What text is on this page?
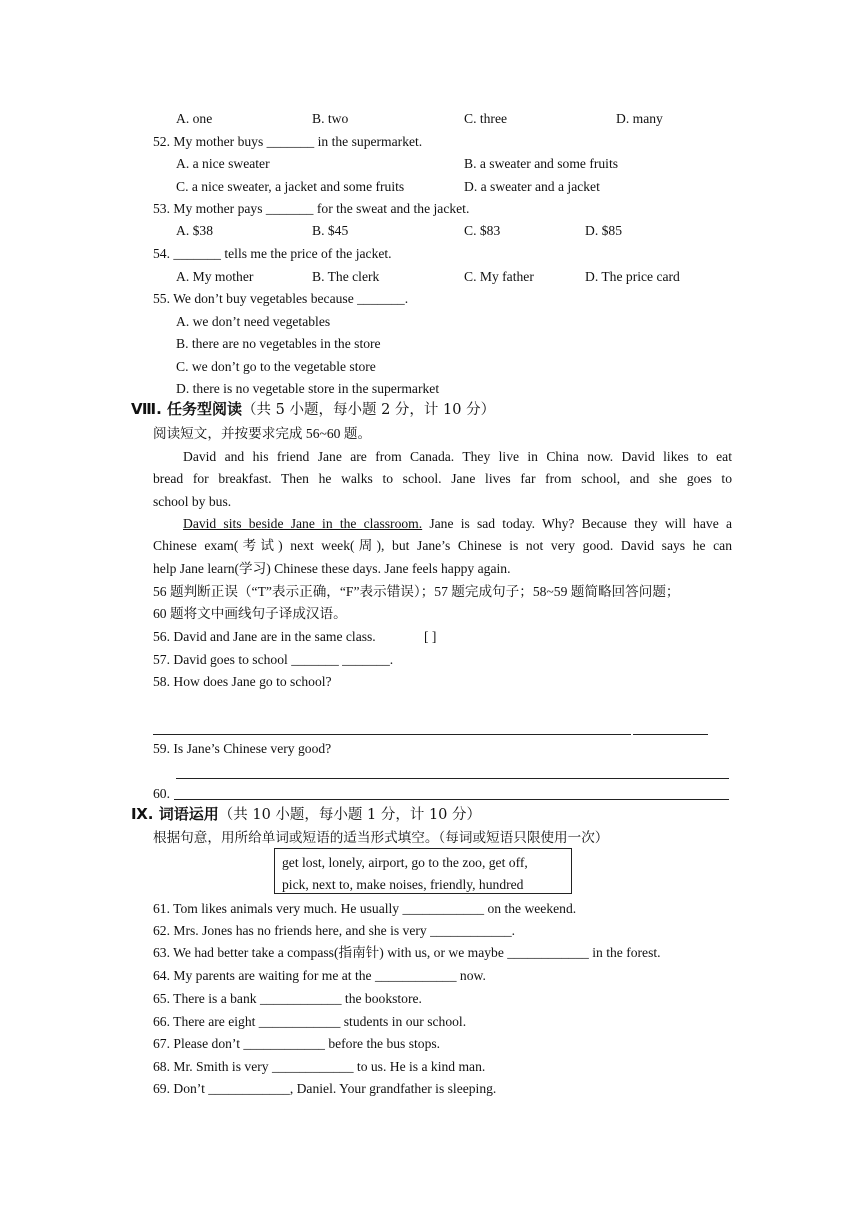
A. one	B. two	C. three	D. many
52. My mother buys _______ in the supermarket.
A. a nice sweater	B. a sweater and some fruits
C. a nice sweater, a jacket and some fruits	D. a sweater and a jacket
53. My mother pays _______ for the sweat and the jacket.
A. $38	B. $45	C. $83	D. $85
54. _______ tells me the price of the jacket.
A. My mother	B. The clerk	C. My father	D. The price card
55. We don’t buy vegetables because _______.
A. we don’t need vegetables
B. there are no vegetables in the store
C. we don’t go to the vegetable store
D. there is no vegetable store in the supermarket
Ⅷ. 任务型阅读（共 5 小题，每小题 2 分，计 10 分）
阅读短文，并按要求完成 56~60 题。
David and his friend Jane are from Canada. They live in China now. David likes to eat
bread for breakfast. Then he walks to school. Jane lives far from school, and she goes to
school by bus.
David sits beside Jane in the classroom. Jane is sad today. Why? Because they will have a
Chinese exam(考试) next week(周), but Jane’s Chinese is not very good. David says he can
help Jane learn(学习) Chinese these days. Jane feels happy again.
56 题判断正误（“T”表示正确，“F”表示错误）；57 题完成句子；58~59 题简略回答问题；
60 题将文中画线句子译成汉语。
56. David and Jane are in the same class.	[ ]
57. David goes to school _______ _______.
58. How does Jane go to school?
59. Is Jane’s Chinese very good?
60.
Ⅸ. 词语运用（共 10 小题，每小题 1 分，计 10 分）
根据句意，用所给单词或短语的适当形式填空。（每词或短语只限使用一次）
get lost, lonely, airport, go to the zoo, get off,
pick, next to, make noises, friendly, hundred
61. Tom likes animals very much. He usually ____________ on the weekend.
62. Mrs. Jones has no friends here, and she is very ____________.
63. We had better take a compass(指南针) with us, or we maybe ____________ in the forest.
64. My parents are waiting for me at the ____________ now.
65. There is a bank ____________ the bookstore.
66. There are eight ____________ students in our school.
67. Please don’t ____________ before the bus stops.
68. Mr. Smith is very ____________ to us. He is a kind man.
69. Don’t ____________, Daniel. Your grandfather is sleeping.
